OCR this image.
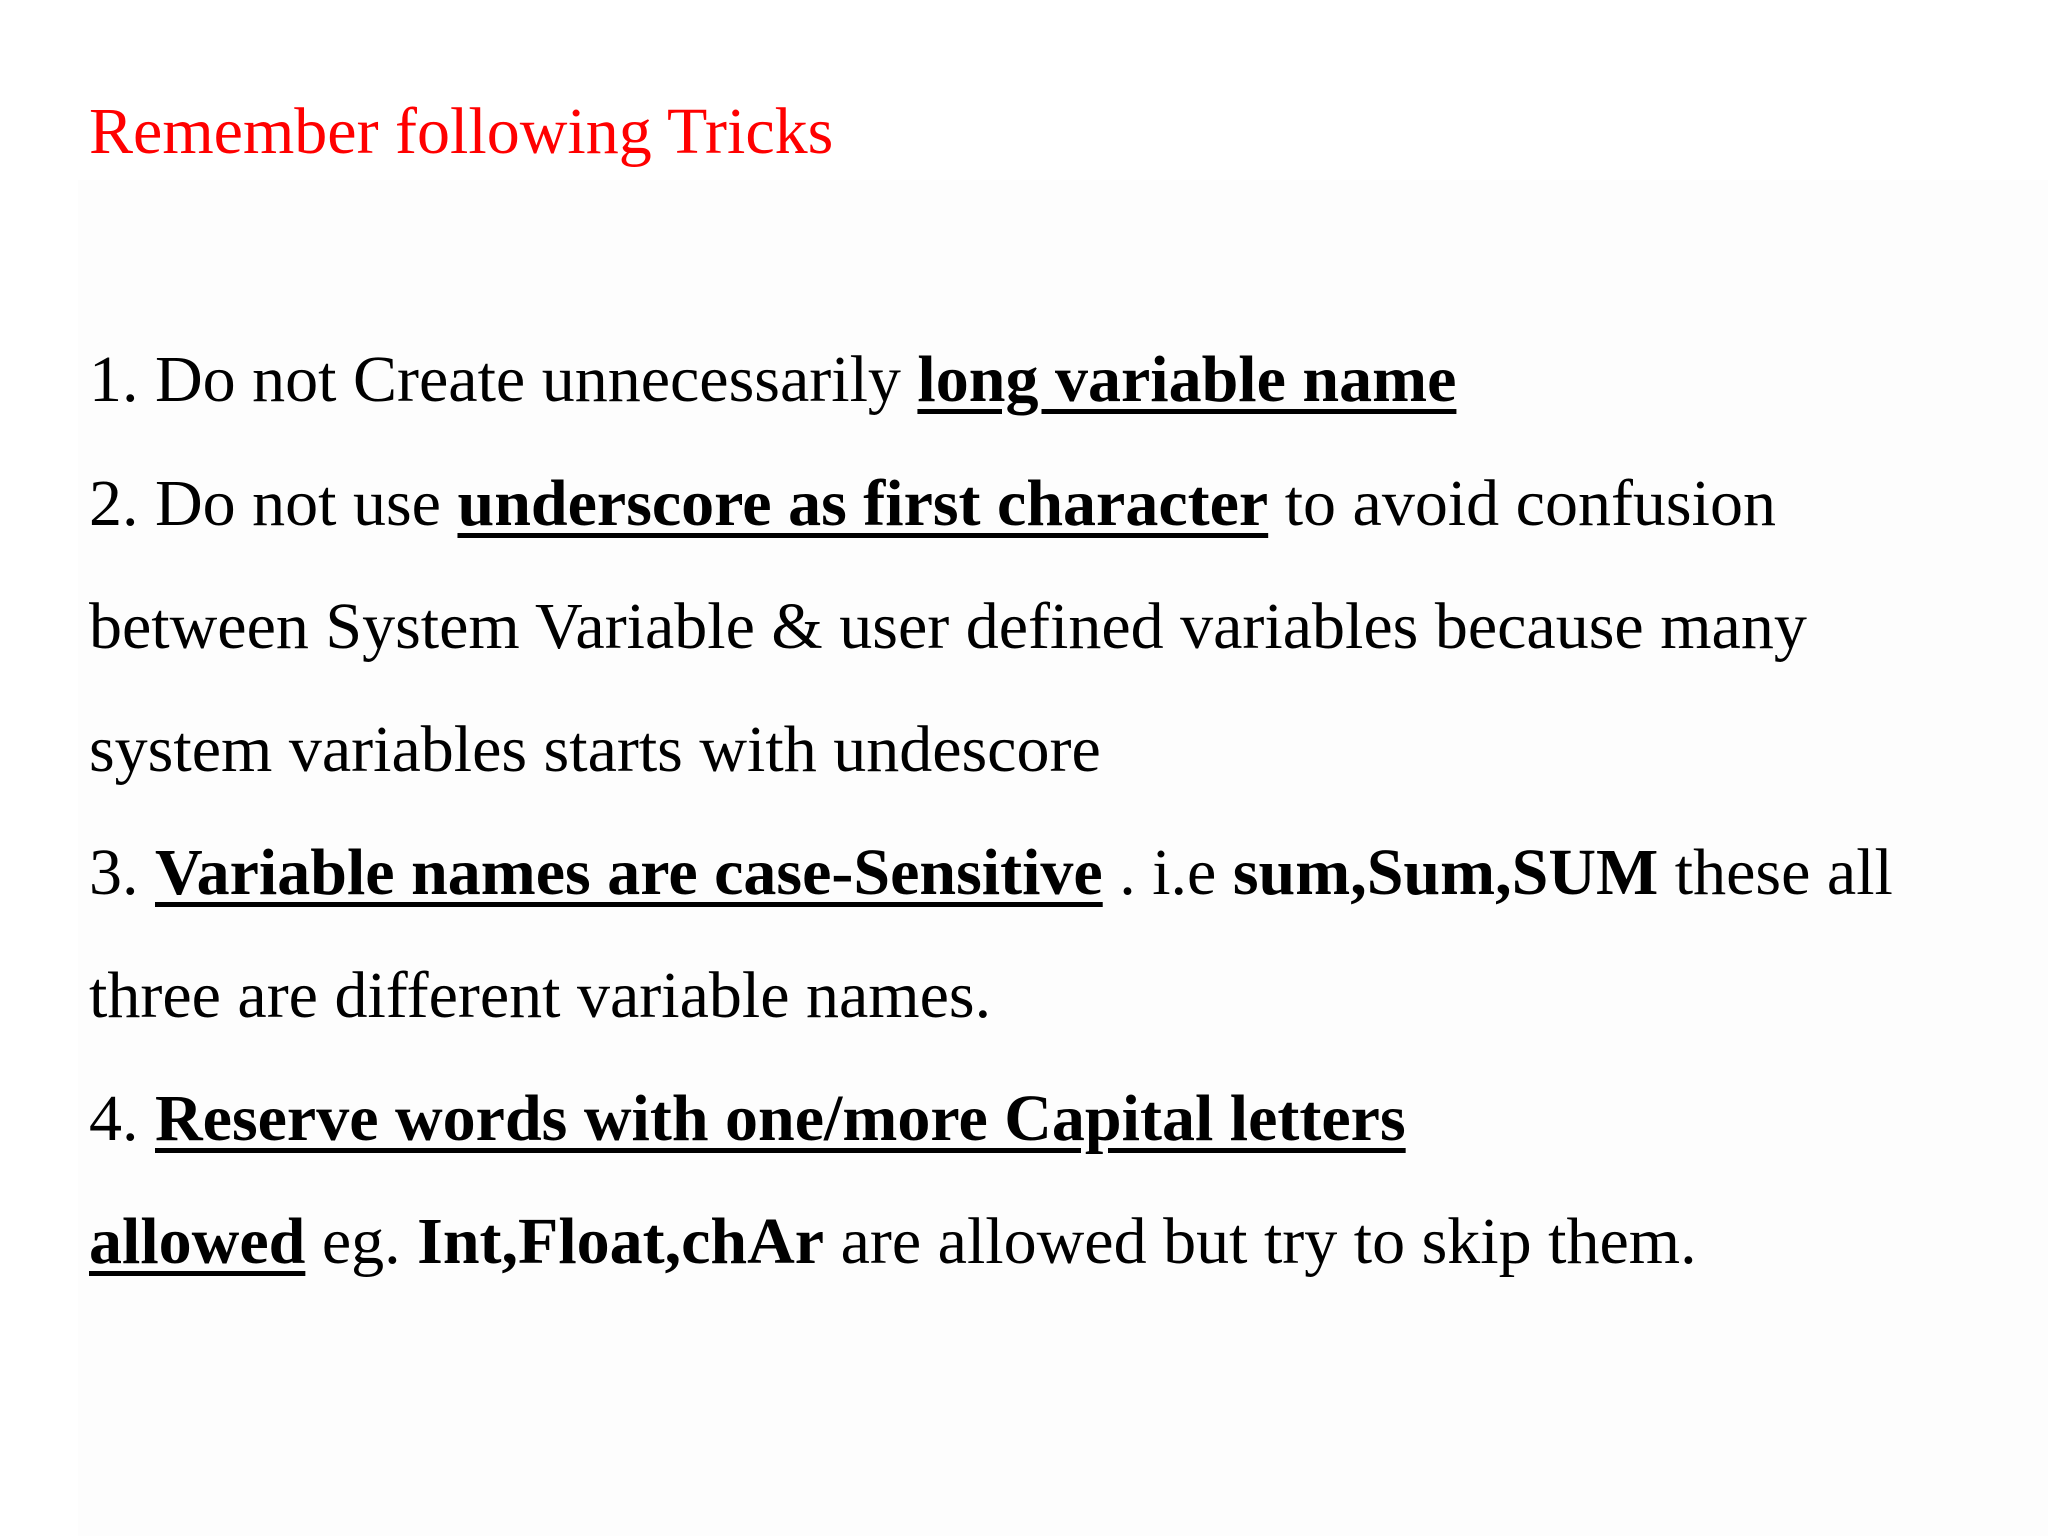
Remember following Tricks

1. Do not Create unnecessarily long variable name

2. Do not use underscore as first character to avoid confusion

between System Variable & user defined variables because many

system variables starts with undescore

3. Variable names are case-Sensitive . i.e sum,Sum,SUM these all

three are different variable names.

4. Reserve words with one/more Capital letters

allowed eg. Int,Float,chAr are allowed but try to skip them.
